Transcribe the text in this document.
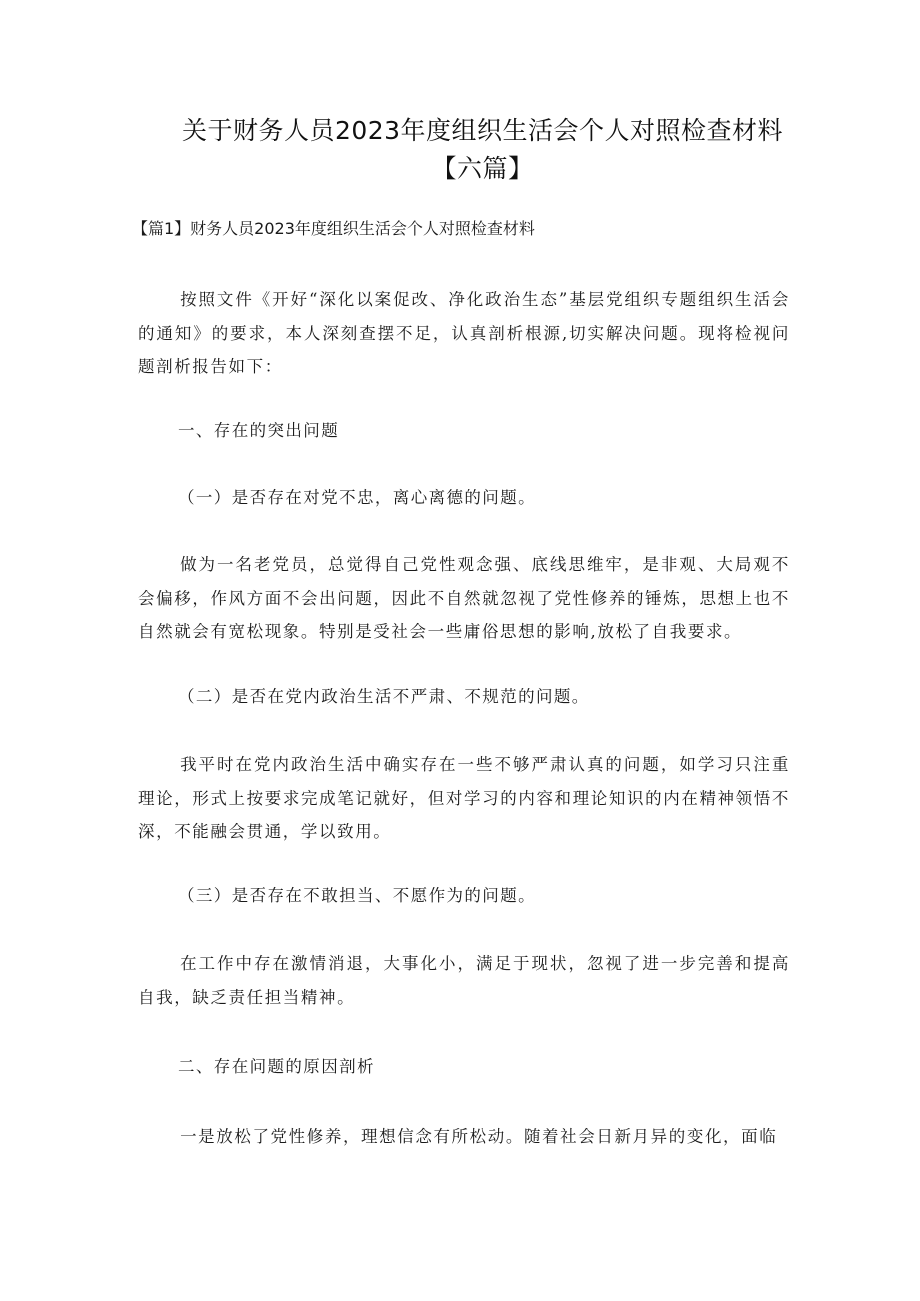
关于财务人员2023年度组织生活会个人对照检查材料【六篇】

【篇1】财务人员2023年度组织生活会个人对照检查材料

按照文件《开好“深化以案促改、净化政治生态”基层党组织专题组织生活会的通知》的要求，本人深刻查摆不足，认真剖析根源,切实解决问题。现将检视问题剖析报告如下：

一、存在的突出问题

（一）是否存在对党不忠，离心离德的问题。

做为一名老党员，总觉得自己党性观念强、底线思维牢，是非观、大局观不会偏移，作风方面不会出问题，因此不自然就忽视了党性修养的锤炼，思想上也不自然就会有宽松现象。特别是受社会一些庸俗思想的影响,放松了自我要求。

（二）是否在党内政治生活不严肃、不规范的问题。

我平时在党内政治生活中确实存在一些不够严肃认真的问题，如学习只注重理论，形式上按要求完成笔记就好，但对学习的内容和理论知识的内在精神领悟不深，不能融会贯通，学以致用。

（三）是否存在不敢担当、不愿作为的问题。

在工作中存在激情消退，大事化小，满足于现状，忽视了进一步完善和提高自我，缺乏责任担当精神。

二、存在问题的原因剖析

一是放松了党性修养，理想信念有所松动。随着社会日新月异的变化，面临
